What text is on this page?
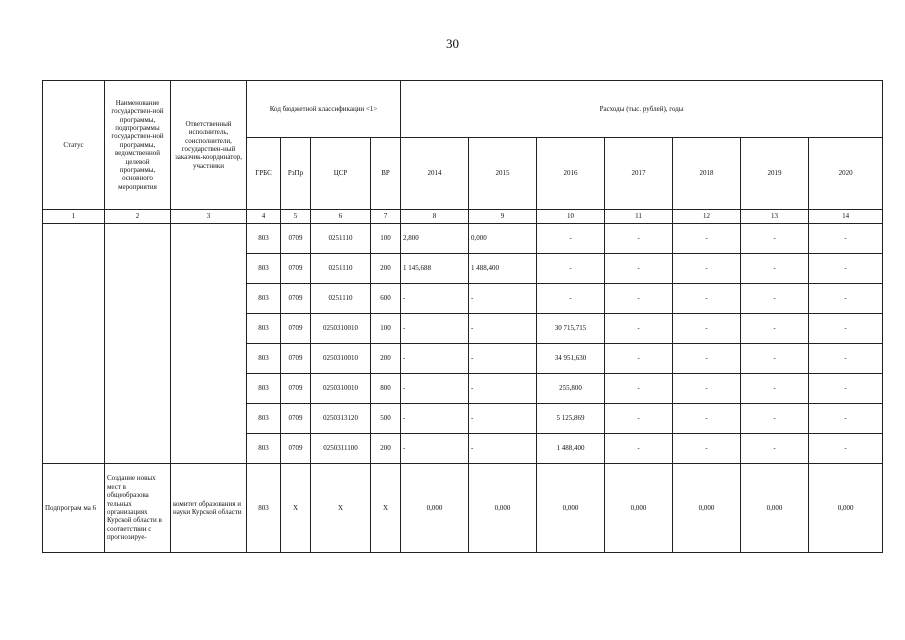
30
Статус	Наименование государствен-ной программы, подпрограммы государствен-ной программы, ведомственной целевой программы, основного мероприятия	Ответственный исполнитель, соисполнители, государствен-ный заказчик-координатор, участники	Код бюджетной классификации <1>				Расходы (тыс. рублей), годы						
			ГРБС	РзПр	ЦСР	ВР	2014	2015	2016	2017	2018	2019	2020
1	2	3	4	5	6	7	8	9	10	11	12	13	14
			803	0709	0251110	100	2,800	0,000	-	-	-	-	-
			803	0709	0251110	200	1 145,688	1 488,400	-	-	-	-	-
			803	0709	0251110	600	-	-	-	-	-	-	-
			803	0709	0250310010	100	-	-	30 715,715	-	-	-	-
			803	0709	0250310010	200	-	-	34 951,630	-	-	-	-
			803	0709	0250310010	800	-	-	255,800	-	-	-	-
			803	0709	0250313120	500	-	-	5 125,869	-	-	-	-
			803	0709	0250311100	200	-	-	1 488,400	-	-	-	-
Подпрограм ма 6	Создание новых мест в общеобразова тельных организациях Курской области в соответствии с прогнозируе-	комитет образования и науки Курской области	803	X	X	X	0,000	0,000	0,000	0,000	0,000	0,000	0,000
